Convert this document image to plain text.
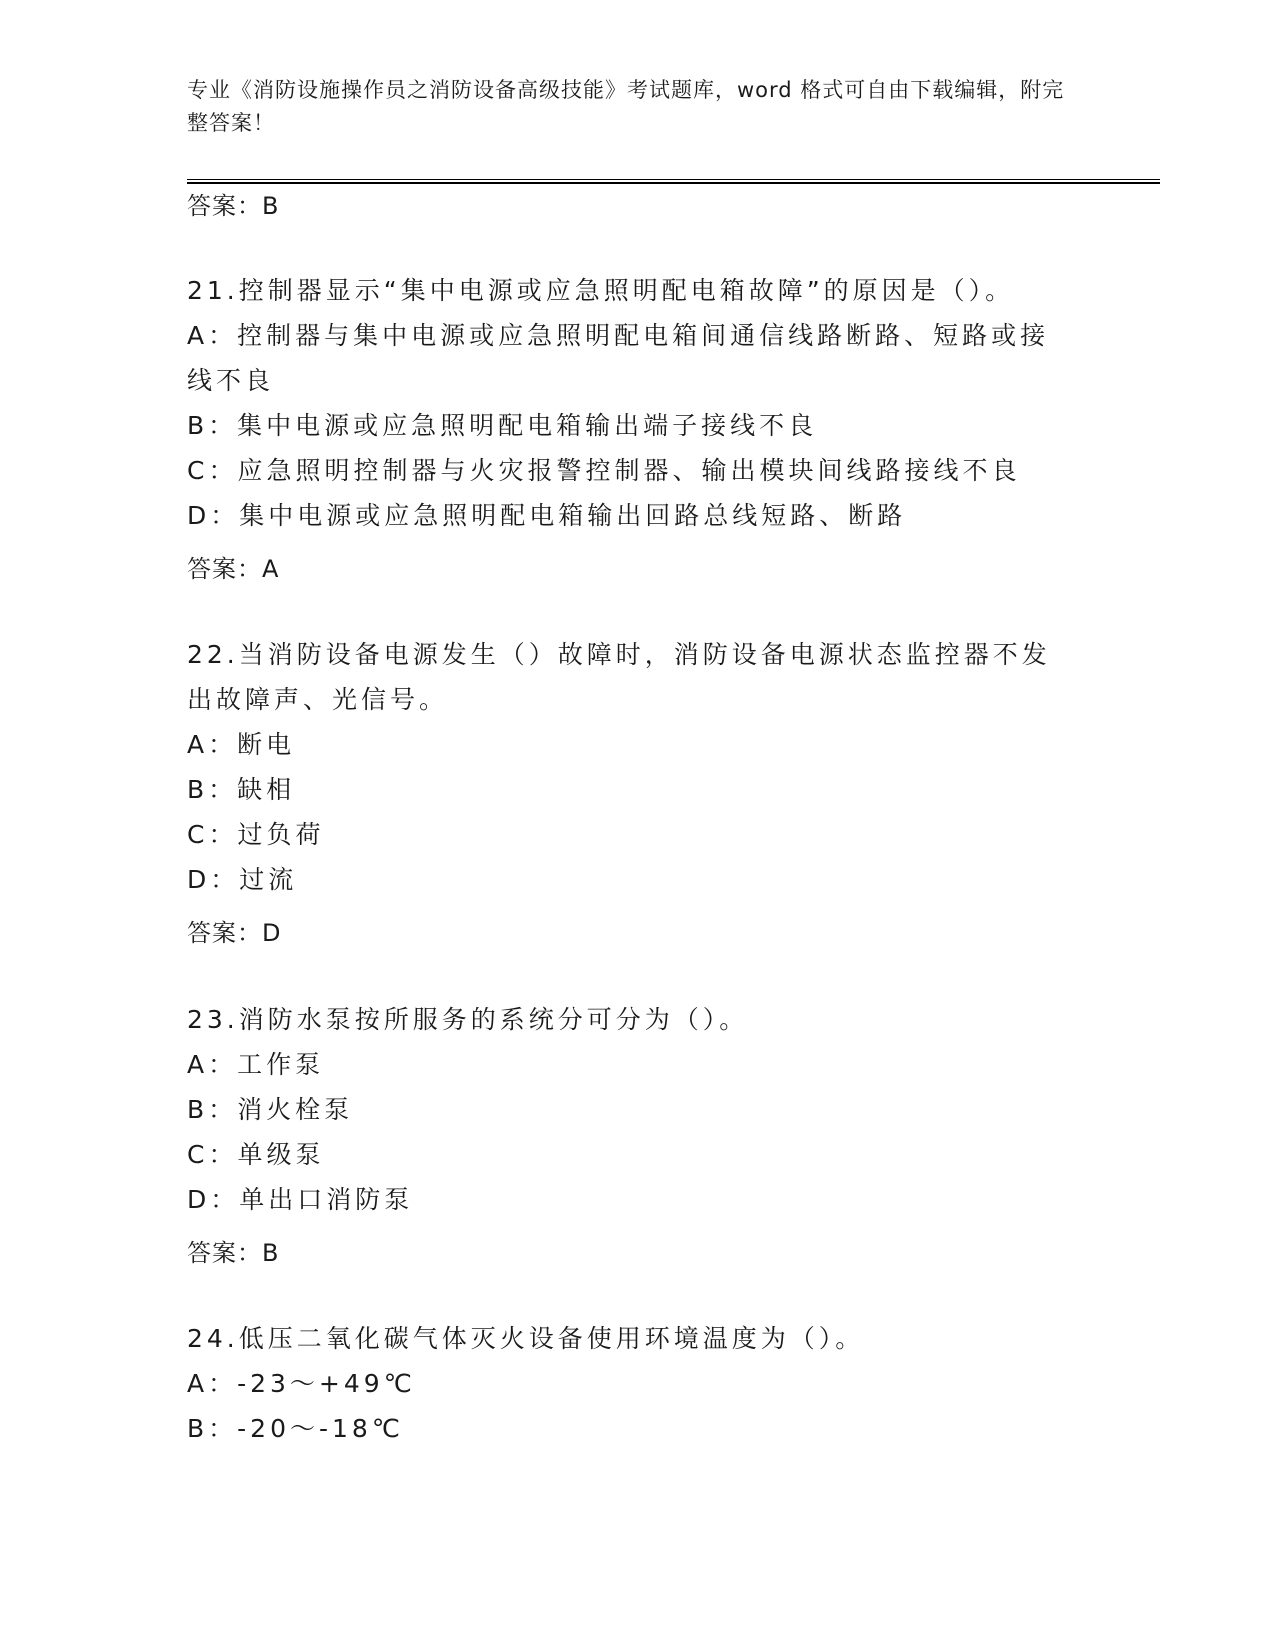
专业《消防设施操作员之消防设备高级技能》考试题库，word 格式可自由下载编辑，附完整答案！
答案：B
21.控制器显示“集中电源或应急照明配电箱故障”的原因是（）。
A：控制器与集中电源或应急照明配电箱间通信线路断路、短路或接线不良
B：集中电源或应急照明配电箱输出端子接线不良
C：应急照明控制器与火灾报警控制器、输出模块间线路接线不良
D：集中电源或应急照明配电箱输出回路总线短路、断路
答案：A
22.当消防设备电源发生（）故障时，消防设备电源状态监控器不发出故障声、光信号。
A：断电
B：缺相
C：过负荷
D：过流
答案：D
23.消防水泵按所服务的系统分可分为（）。
A：工作泵
B：消火栓泵
C：单级泵
D：单出口消防泵
答案：B
24.低压二氧化碳气体灭火设备使用环境温度为（）。
A：-23～+49℃
B：-20～-18℃
